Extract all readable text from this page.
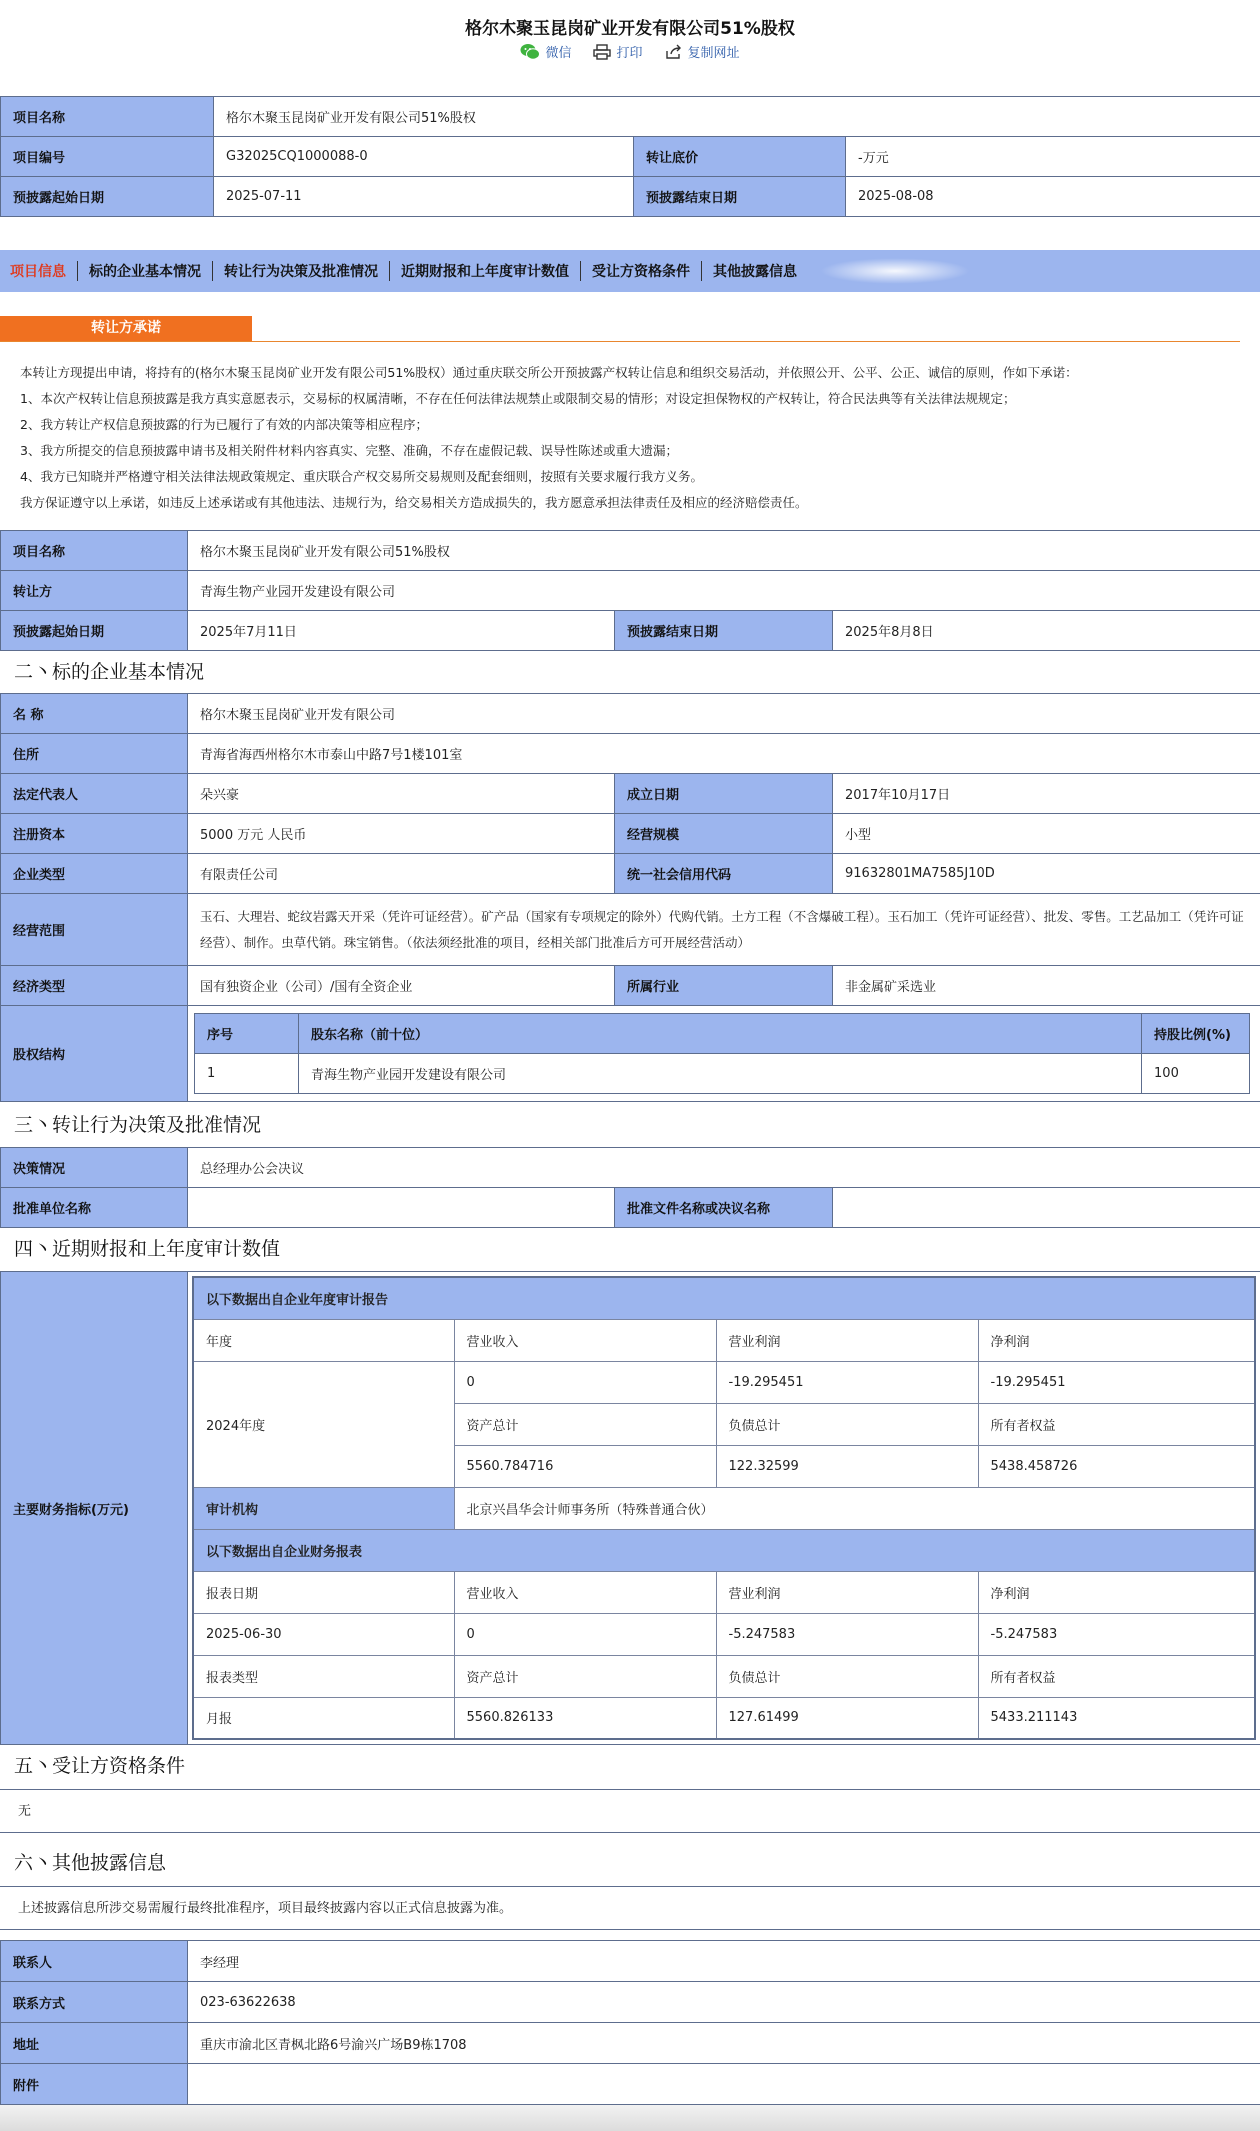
格尔木聚玉昆岗矿业开发有限公司51%股权
微信	打印	复制网址
项目名称	格尔木聚玉昆岗矿业开发有限公司51%股权		
项目编号	G32025CQ1000088-0	转让底价	-万元
预披露起始日期	2025-07-11	预披露结束日期	2025-08-08
项目信息	标的企业基本情况	转让行为决策及批准情况	近期财报和上年度审计数值	受让方资格条件	其他披露信息
转让方承诺

本转让方现提出申请，将持有的(格尔木聚玉昆岗矿业开发有限公司51%股权）通过重庆联交所公开预披露产权转让信息和组织交易活动，并依照公开、公平、公正、诚信的原则，作如下承诺：

1、本次产权转让信息预披露是我方真实意愿表示，交易标的权属清晰，不存在任何法律法规禁止或限制交易的情形；对设定担保物权的产权转让，符合民法典等有关法律法规规定；

2、我方转让产权信息预披露的行为已履行了有效的内部决策等相应程序；

3、我方所提交的信息预披露申请书及相关附件材料内容真实、完整、准确，不存在虚假记载、误导性陈述或重大遗漏；

4、我方已知晓并严格遵守相关法律法规政策规定、重庆联合产权交易所交易规则及配套细则，按照有关要求履行我方义务。

我方保证遵守以上承诺，如违反上述承诺或有其他违法、违规行为，给交易相关方造成损失的，我方愿意承担法律责任及相应的经济赔偿责任。

项目名称	格尔木聚玉昆岗矿业开发有限公司51%股权		
转让方	青海生物产业园开发建设有限公司		
预披露起始日期	2025年7月11日	预披露结束日期	2025年8月8日
二丶标的企业基本情况
名 称	格尔木聚玉昆岗矿业开发有限公司
住所	青海省海西州格尔木市泰山中路7号1楼101室
法定代表人	朵兴豪	成立日期	2017年10月17日
注册资本	5000 万元 人民币	经营规模	小型
企业类型	有限责任公司	统一社会信用代码	91632801MA7585J10D
经营范围	玉石、大理岩、蛇纹岩露天开采（凭许可证经营）。矿产品（国家有专项规定的除外）代购代销。土方工程（不含爆破工程）。玉石加工（凭许可证经营）、批发、零售。工艺品加工（凭许可证经营）、制作。虫草代销。珠宝销售。（依法须经批准的项目，经相关部门批准后方可开展经营活动）
经济类型	国有独资企业（公司）/国有全资企业	所属行业	非金属矿采选业
股权结构	
序号	股东名称（前十位）	持股比例(%)
1	青海生物产业园开发建设有限公司	100
三丶转让行为决策及批准情况
决策情况	总经理办公会决议		
批准单位名称		批准文件名称或决议名称	
四丶近期财报和上年度审计数值
主要财务指标(万元)	
以下数据出自企业年度审计报告
年度	营业收入	营业利润	净利润
2024年度	0	-19.295451	-19.295451
资产总计	负债总计	所有者权益
5560.784716	122.32599	5438.458726
审计机构	北京兴昌华会计师事务所（特殊普通合伙）
以下数据出自企业财务报表
报表日期	营业收入	营业利润	净利润
2025-06-30	0	-5.247583	-5.247583
报表类型	资产总计	负债总计	所有者权益
月报	5560.826133	127.61499	5433.211143
五丶受让方资格条件
无
六丶其他披露信息
上述披露信息所涉交易需履行最终批准程序，项目最终披露内容以正式信息披露为准。
联系人	李经理
联系方式	023-63622638
地址	重庆市渝北区青枫北路6号渝兴广场B9栋1708
附件	
